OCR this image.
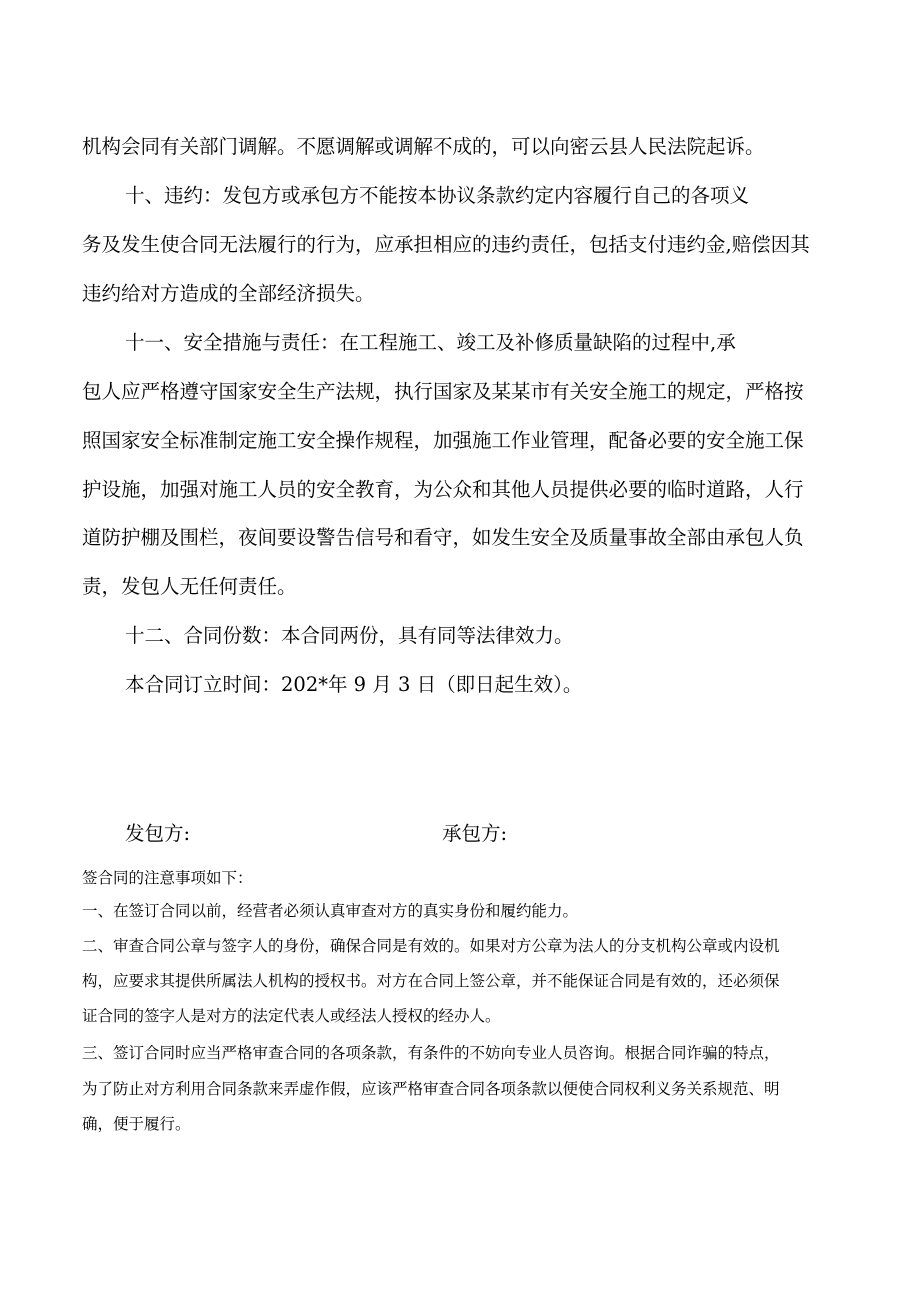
机构会同有关部门调解。不愿调解或调解不成的，可以向密云县人民法院起诉。
十、违约：发包方或承包方不能按本协议条款约定内容履行自己的各项义
务及发生使合同无法履行的行为，应承担相应的违约责任，包括支付违约金,赔偿因其
违约给对方造成的全部经济损失。
十一、安全措施与责任：在工程施工、竣工及补修质量缺陷的过程中,承
包人应严格遵守国家安全生产法规，执行国家及某某市有关安全施工的规定，严格按
照国家安全标准制定施工安全操作规程，加强施工作业管理，配备必要的安全施工保
护设施，加强对施工人员的安全教育，为公众和其他人员提供必要的临时道路，人行
道防护棚及围栏，夜间要设警告信号和看守，如发生安全及质量事故全部由承包人负
责，发包人无任何责任。
十二、合同份数：本合同两份，具有同等法律效力。
本合同订立时间：202*年 9 月 3 日（即日起生效）。
发包方:	承包方:
签合同的注意事项如下：
一、在签订合同以前，经营者必须认真审查对方的真实身份和履约能力。
二、审查合同公章与签字人的身份，确保合同是有效的。如果对方公章为法人的分支机构公章或内设机
构，应要求其提供所属法人机构的授权书。对方在合同上签公章，并不能保证合同是有效的，还必须保
证合同的签字人是对方的法定代表人或经法人授权的经办人。
三、签订合同时应当严格审查合同的各项条款，有条件的不妨向专业人员咨询。根据合同诈骗的特点，
为了防止对方利用合同条款来弄虚作假，应该严格审查合同各项条款以便使合同权利义务关系规范、明
确，便于履行。
